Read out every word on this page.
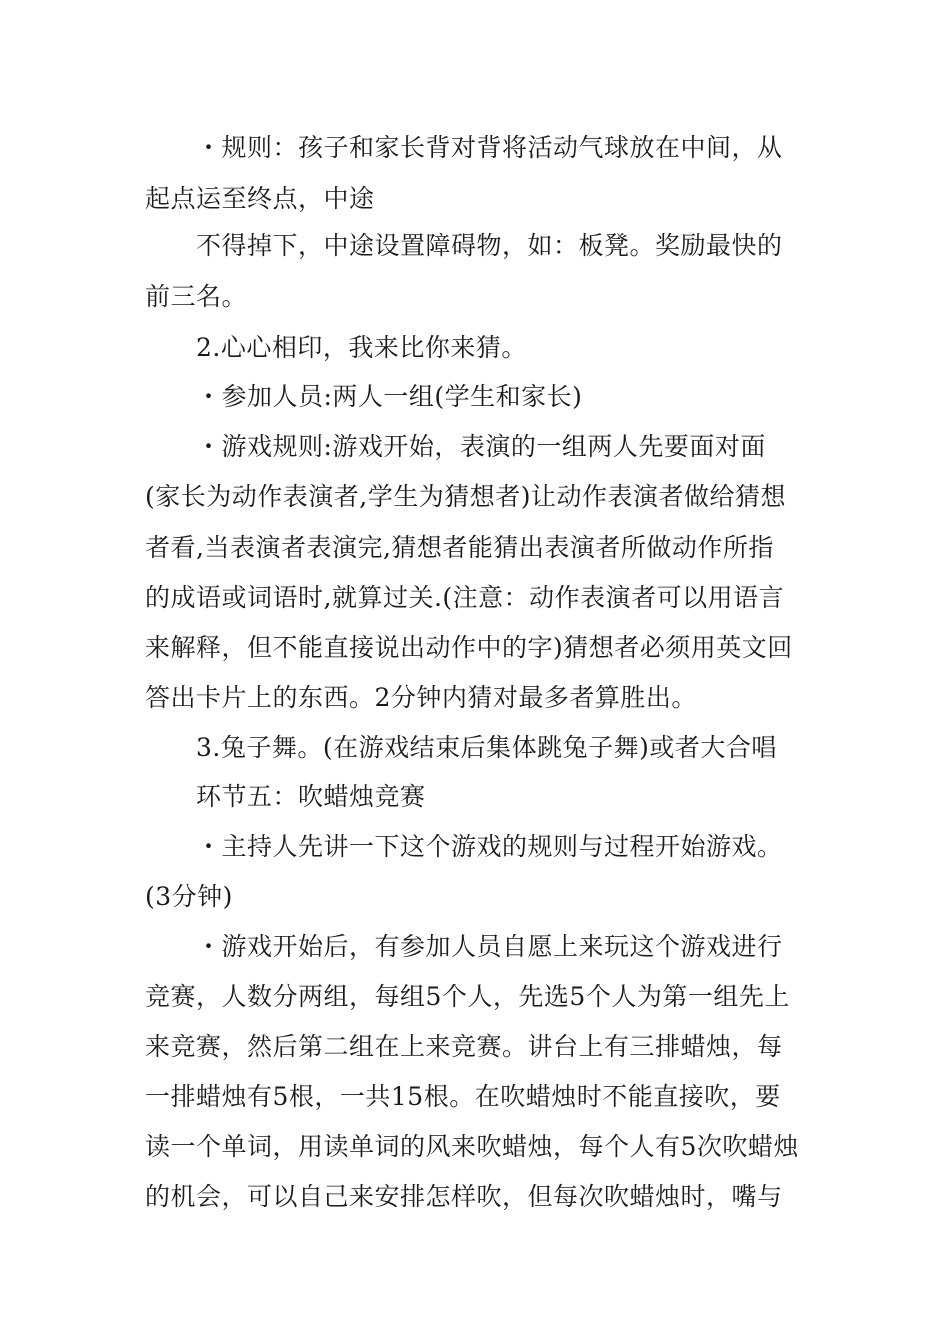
・规则：孩子和家长背对背将活动气球放在中间，从
起点运至终点，中途
不得掉下，中途设置障碍物，如：板凳。奖励最快的
前三名。
2.心心相印，我来比你来猜。
・参加人员:两人一组(学生和家长)
・游戏规则:游戏开始，表演的一组两人先要面对面
(家长为动作表演者,学生为猜想者)让动作表演者做给猜想
者看,当表演者表演完,猜想者能猜出表演者所做动作所指
的成语或词语时,就算过关.(注意：动作表演者可以用语言
来解释，但不能直接说出动作中的字)猜想者必须用英文回
答出卡片上的东西。2分钟内猜对最多者算胜出。
3.兔子舞。(在游戏结束后集体跳兔子舞)或者大合唱
环节五：吹蜡烛竞赛
・主持人先讲一下这个游戏的规则与过程开始游戏。
(3分钟)
・游戏开始后，有参加人员自愿上来玩这个游戏进行
竞赛，人数分两组，每组5个人，先选5个人为第一组先上
来竞赛，然后第二组在上来竞赛。讲台上有三排蜡烛，每
一排蜡烛有5根，一共15根。在吹蜡烛时不能直接吹，要
读一个单词，用读单词的风来吹蜡烛，每个人有5次吹蜡烛
的机会，可以自己来安排怎样吹，但每次吹蜡烛时，嘴与
